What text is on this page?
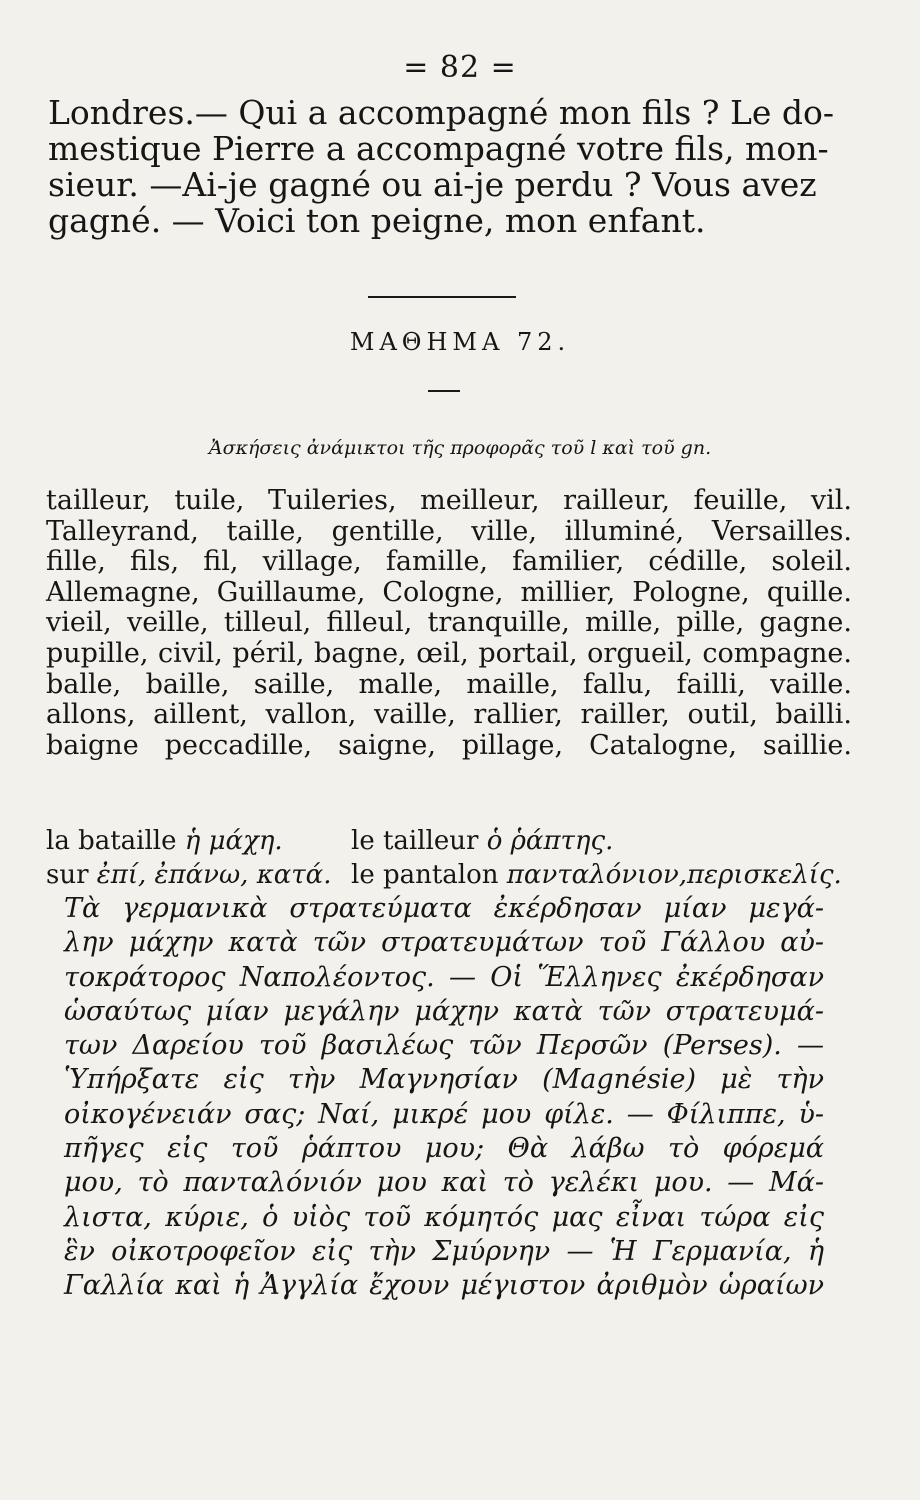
= 82 =
Londres.— Qui a accompagné mon fils ? Le do-
mestique Pierre a accompagné votre fils, mon-
sieur. —Ai-je gagné ou ai-je perdu ? Vous avez
gagné. — Voici ton peigne, mon enfant.
ΜΑΘΗΜΑ 72.
Ἀσκήσεις ἀνάμικτοι τῆς προφορᾶς τοῦ l καὶ τοῦ gn.
tailleur, tuile, Tuileries, meilleur, railleur, feuille, vil.
Talleyrand, taille, gentille, ville, illuminé, Versailles.
fille, fils, fil, village, famille, familier, cédille, soleil.
Allemagne, Guillaume, Cologne, millier, Pologne, quille.
vieil, veille, tilleul, filleul, tranquille, mille, pille, gagne.
pupille, civil, péril, bagne, œil, portail, orgueil, compagne.
balle, baille, saille, malle, maille, fallu, failli, vaille.
allons, aillent, vallon, vaille, rallier, railler, outil, bailli.
baigne peccadille, saigne, pillage, Catalogne, saillie.
la bataille ἡ μάχη.	le tailleur ὁ ῥάπτης.
sur ἐπί, ἐπάνω, κατά. le pantalon πανταλόνιον,περισκελίς.
Τὰ γερμανικὰ στρατεύματα ἐκέρδησαν μίαν μεγά-
λην μάχην κατὰ τῶν στρατευμάτων τοῦ Γάλλου αὐ-
τοκράτορος Ναπολέοντος. — Οἱ Ἕλληνες ἐκέρδησαν
ὡσαύτως μίαν μεγάλην μάχην κατὰ τῶν στρατευμά-
των Δαρείου τοῦ βασιλέως τῶν Περσῶν (Perses). —
Ὑπήρξατε εἰς τὴν Μαγνησίαν (Magnésie) μὲ τὴν
οἰκογένειάν σας; Ναί, μικρέ μου φίλε. — Φίλιππε, ὑ-
πῆγες εἰς τοῦ ῥάπτου μου; Θὰ λάβω τὸ φόρεμά
μου, τὸ πανταλόνιόν μου καὶ τὸ γελέκι μου. — Μά-
λιστα, κύριε, ὁ υἱὸς τοῦ κόμητός μας εἶναι τώρα εἰς
ἓν οἰκοτροφεῖον εἰς τὴν Σμύρνην — Ἡ Γερμανία, ἡ
Γαλλία καὶ ἡ Ἀγγλία ἔχουν μέγιστον ἀριθμὸν ὡραίων
